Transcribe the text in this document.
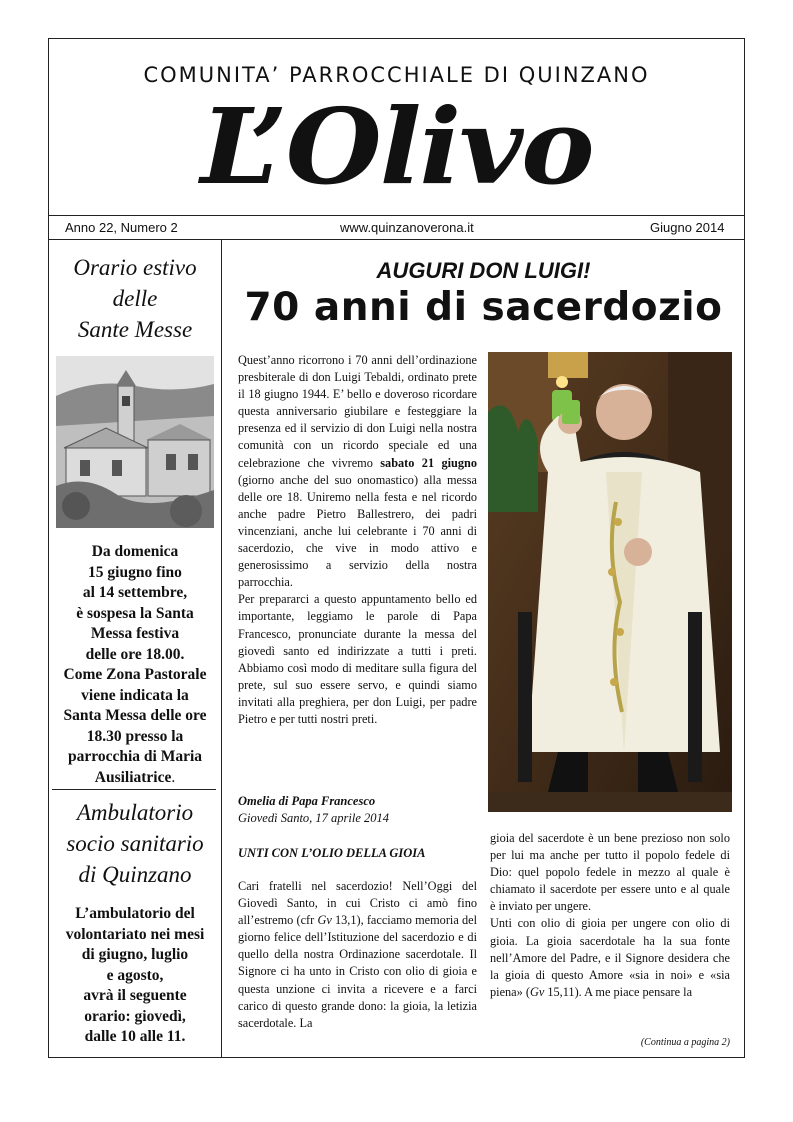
COMUNITA’ PARROCCHIALE DI QUINZANO
L’Olivo
Anno 22, Numero 2	www.quinzanoverona.it	Giugno 2014
Orario estivo
delle
Sante Messe
Da domenica
15 giugno fino
al 14 settembre,
è sospesa la Santa
Messa festiva
delle ore 18.00.
Come Zona Pastorale
viene indicata la
Santa Messa delle ore
18.30 presso la
parrocchia di Maria
Ausiliatrice.
Ambulatorio
socio sanitario
di Quinzano
L’ambulatorio del
volontariato nei mesi
di giugno, luglio
e agosto,
avrà il seguente
orario: giovedì,
dalle 10 alle 11.
AUGURI DON LUIGI!
70 anni di sacerdozio

Quest’anno ricorrono i 70 anni dell’ordinazione presbiterale di don Luigi Tebaldi, ordinato prete il 18 giugno 1944. E’ bello e doveroso ricordare questa anniversario giubilare e festeggiare la presenza ed il servizio di don Luigi nella nostra comunità con un ricordo speciale ed una celebrazione che vivremo sabato 21 giugno (giorno anche del suo onomastico) alla messa delle ore 18. Uniremo nella festa e nel ricordo anche padre Pietro Ballestrero, dei padri vincenziani, anche lui celebrante i 70 anni di sacerdozio, che vive in modo attivo e generosissimo a servizio della nostra parrocchia.

Per prepararci a questo appuntamento bello ed importante, leggiamo le parole di Papa Francesco, pronunciate durante la messa del giovedì santo ed indirizzate a tutti i preti. Abbiamo così modo di meditare sulla figura del prete, sul suo essere servo, e quindi siamo invitati alla preghiera, per don Luigi, per padre Pietro e per tutti nostri preti.

Omelia di Papa Francesco
Giovedì Santo, 17 aprile 2014
UNTI CON L’OLIO DELLA GIOIA

Cari fratelli nel sacerdozio! Nell’Oggi del Giovedì Santo, in cui Cristo ci amò fino all’estremo (cfr Gv 13,1), facciamo memoria del giorno felice dell’Istituzione del sacerdozio e di quello della nostra Ordinazione sacerdotale. Il Signore ci ha unto in Cristo con olio di gioia e questa unzione ci invita a ricevere e a farci carico di questo grande dono: la gioia, la letizia sacerdotale. La

gioia del sacerdote è un bene prezioso non solo per lui ma anche per tutto il popolo fedele di Dio: quel popolo fedele in mezzo al quale è chiamato il sacerdote per essere unto e al quale è inviato per ungere.

Unti con olio di gioia per ungere con olio di gioia. La gioia sacerdotale ha la sua fonte nell’Amore del Padre, e il Signore desidera che la gioia di questo Amore «sia in noi» e «sia piena» (Gv 15,11). A me piace pensare la

(Continua a pagina 2)
